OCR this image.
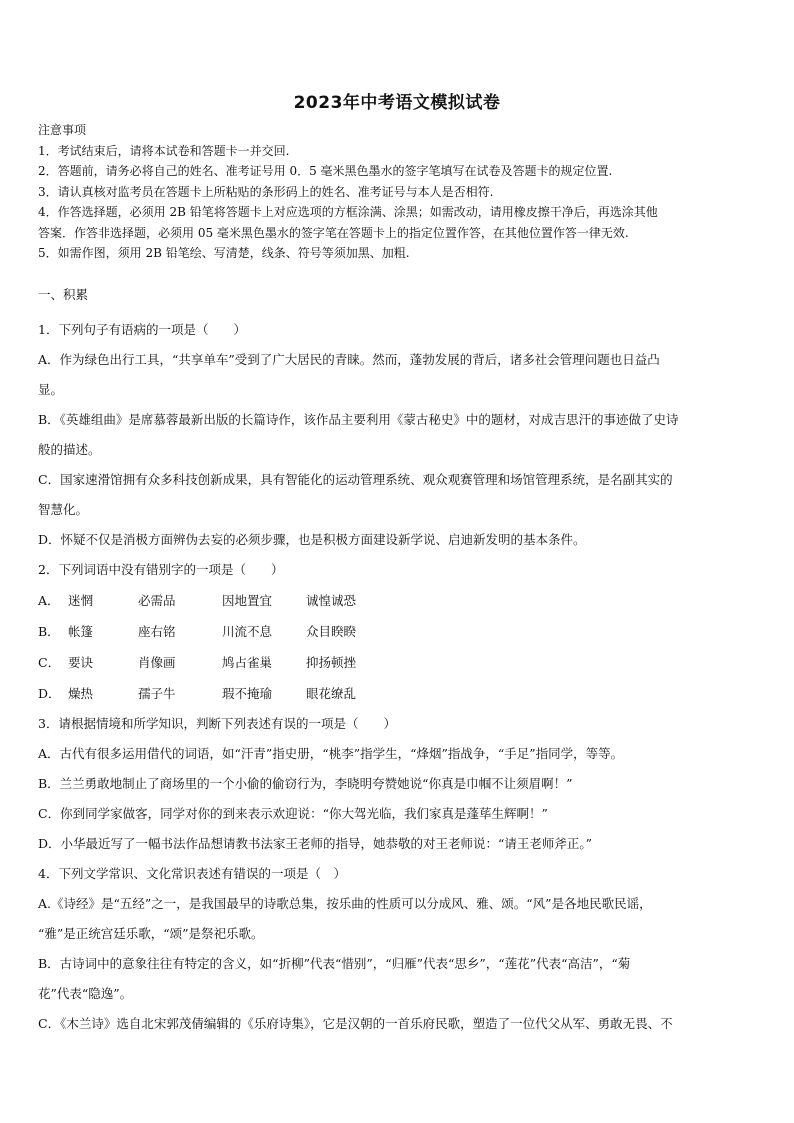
2023年中考语文模拟试卷

注意事项

1．考试结束后，请将本试卷和答题卡一并交回.

2．答题前，请务必将自己的姓名、准考证号用 0．5 毫米黑色墨水的签字笔填写在试卷及答题卡的规定位置.

3．请认真核对监考员在答题卡上所粘贴的条形码上的姓名、准考证号与本人是否相符.

4．作答选择题，必须用 2B 铅笔将答题卡上对应选项的方框涂满、涂黑；如需改动，请用橡皮擦干净后，再选涂其他

答案．作答非选择题，必须用 05 毫米黑色墨水的签字笔在答题卡上的指定位置作答，在其他位置作答一律无效.

5．如需作图，须用 2B 铅笔绘、写清楚，线条、符号等须加黑、加粗.

一、积累

1．下列句子有语病的一项是（　　）

A．作为绿色出行工具，“共享单车”受到了广大居民的青睐。然而，蓬勃发展的背后，诸多社会管理问题也日益凸

显。

B．《英雄组曲》是席慕蓉最新出版的长篇诗作，该作品主要利用《蒙古秘史》中的题材，对成吉思汗的事迹做了史诗

般的描述。

C．国家速滑馆拥有众多科技创新成果，具有智能化的运动管理系统、观众观赛管理和场馆管理系统，是名副其实的

智慧化。

D．怀疑不仅是消极方面辨伪去妄的必须步骤，也是积极方面建设新学说、启迪新发明的基本条件。

2．下列词语中没有错别字的一项是（　　）

A． 迷惘	必需品	因地置宜	诚惶诚恐
B． 帐篷	座右铭	川流不息	众目睽睽
C． 要诀	肖像画	鸠占雀巢	抑扬顿挫
D． 燥热	孺子牛	瑕不掩瑜	眼花缭乱

3．请根据情境和所学知识，判断下列表述有误的一项是（　　）

A．古代有很多运用借代的词语，如“汗青”指史册，“桃李”指学生，“烽烟”指战争，“手足”指同学，等等。

B．兰兰勇敢地制止了商场里的一个小偷的偷窃行为，李晓明夸赞她说“你真是巾帼不让须眉啊！”

C．你到同学家做客，同学对你的到来表示欢迎说：“你大驾光临，我们家真是蓬荜生辉啊！”

D．小华最近写了一幅书法作品想请教书法家王老师的指导，她恭敬的对王老师说：“请王老师斧正。”

4．下列文学常识、文化常识表述有错误的一项是（　）

A.《诗经》是“五经”之一，是我国最早的诗歌总集，按乐曲的性质可以分成风、雅、颂。“风”是各地民歌民谣，

“雅”是正统宫廷乐歌，“颂”是祭祀乐歌。

B．古诗词中的意象往往有特定的含义，如“折柳”代表“惜别”，“归雁”代表“思乡”，“莲花”代表“高洁”，“菊

花”代表“隐逸”。

C．《木兰诗》选自北宋郭茂倩编辑的《乐府诗集》，它是汉朝的一首乐府民歌，塑造了一位代父从军、勇敢无畏、不
